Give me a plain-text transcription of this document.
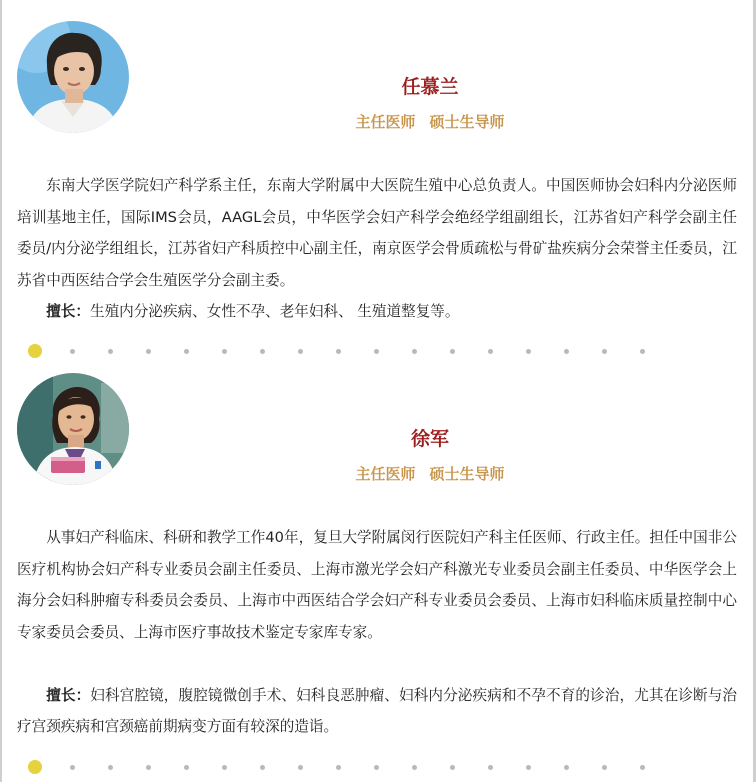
任慕兰
主任医师 硕士生导师

东南大学医学院妇产科学系主任，东南大学附属中大医院生殖中心总负责人。中国医师协会妇科内分泌医师培训基地主任，国际IMS会员，AAGL会员，中华医学会妇产科学会绝经学组副组长，江苏省妇产科学会副主任委员/内分泌学组组长，江苏省妇产科质控中心副主任，南京医学会骨质疏松与骨矿盐疾病分会荣誉主任委员，江苏省中西医结合学会生殖医学分会副主委。

擅长：生殖内分泌疾病、女性不孕、老年妇科、 生殖道整复等。

徐军
主任医师 硕士生导师

从事妇产科临床、科研和教学工作40年，复旦大学附属闵行医院妇产科主任医师、行政主任。担任中国非公医疗机构协会妇产科专业委员会副主任委员、上海市激光学会妇产科激光专业委员会副主任委员、中华医学会上海分会妇科肿瘤专科委员会委员、上海市中西医结合学会妇产科专业委员会委员、上海市妇科临床质量控制中心专家委员会委员、上海市医疗事故技术鉴定专家库专家。

擅长：妇科宫腔镜，腹腔镜微创手术、妇科良恶肿瘤、妇科内分泌疾病和不孕不育的诊治，尤其在诊断与治疗宫颈疾病和宫颈癌前期病变方面有较深的造诣。
